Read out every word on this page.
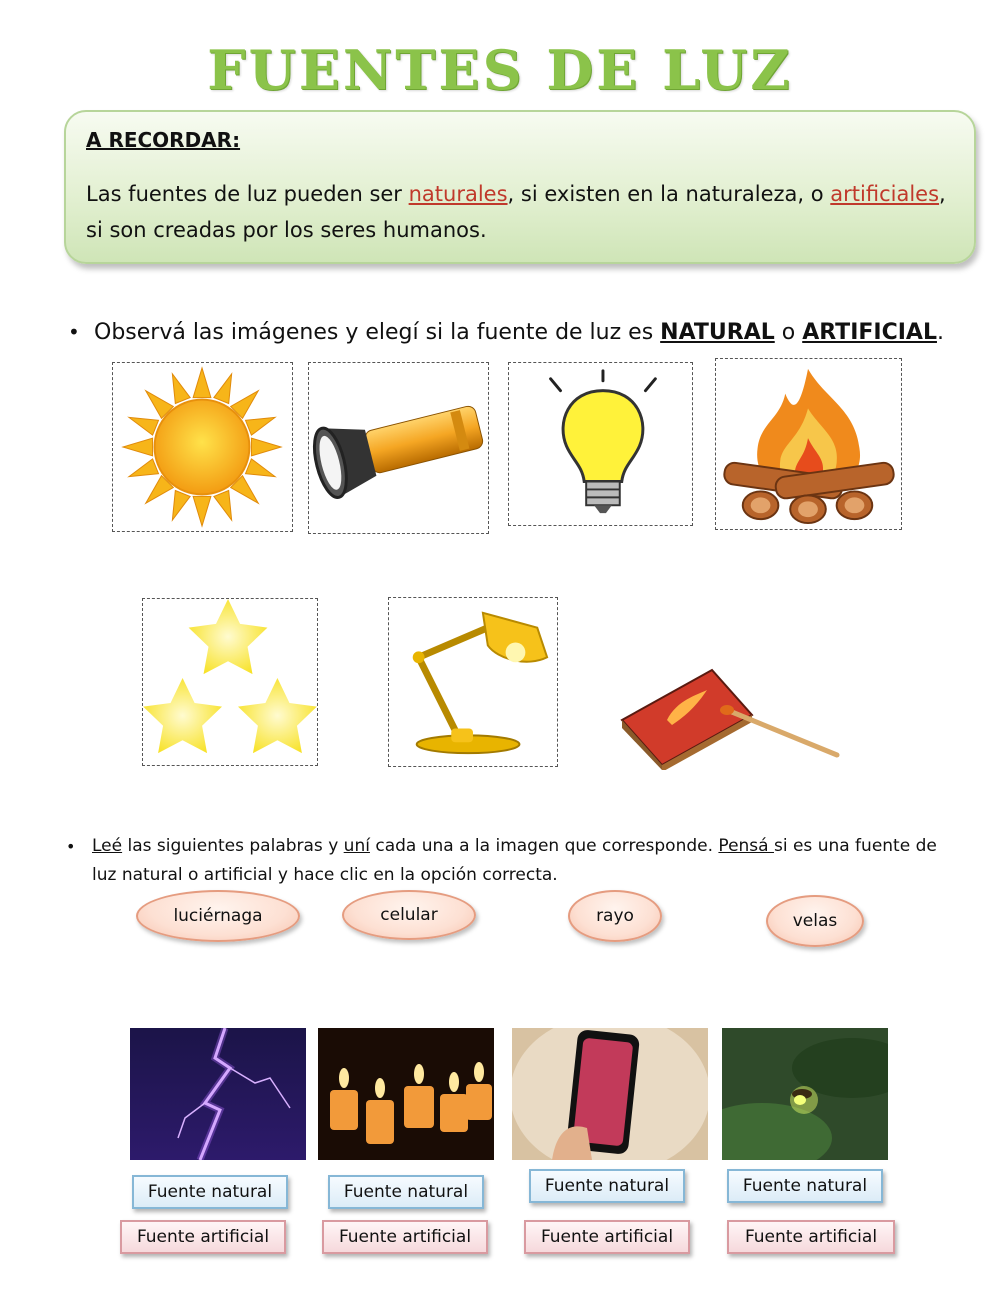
FUENTES DE LUZ
A RECORDAR:
Las fuentes de luz pueden ser naturales, si existen en la naturaleza, o artificiales, si son creadas por los seres humanos.
• Observá las imágenes y elegí si la fuente de luz es NATURAL o ARTIFICIAL.
• Leé las siguientes palabras y uní cada una a la imagen que corresponde. Pensá si es una fuente de luz natural o artificial y hace clic en la opción correcta.
luciérnaga	celular	rayo	velas
Fuente natural	Fuente natural	Fuente natural	Fuente natural
Fuente artificial	Fuente artificial	Fuente artificial	Fuente artificial
